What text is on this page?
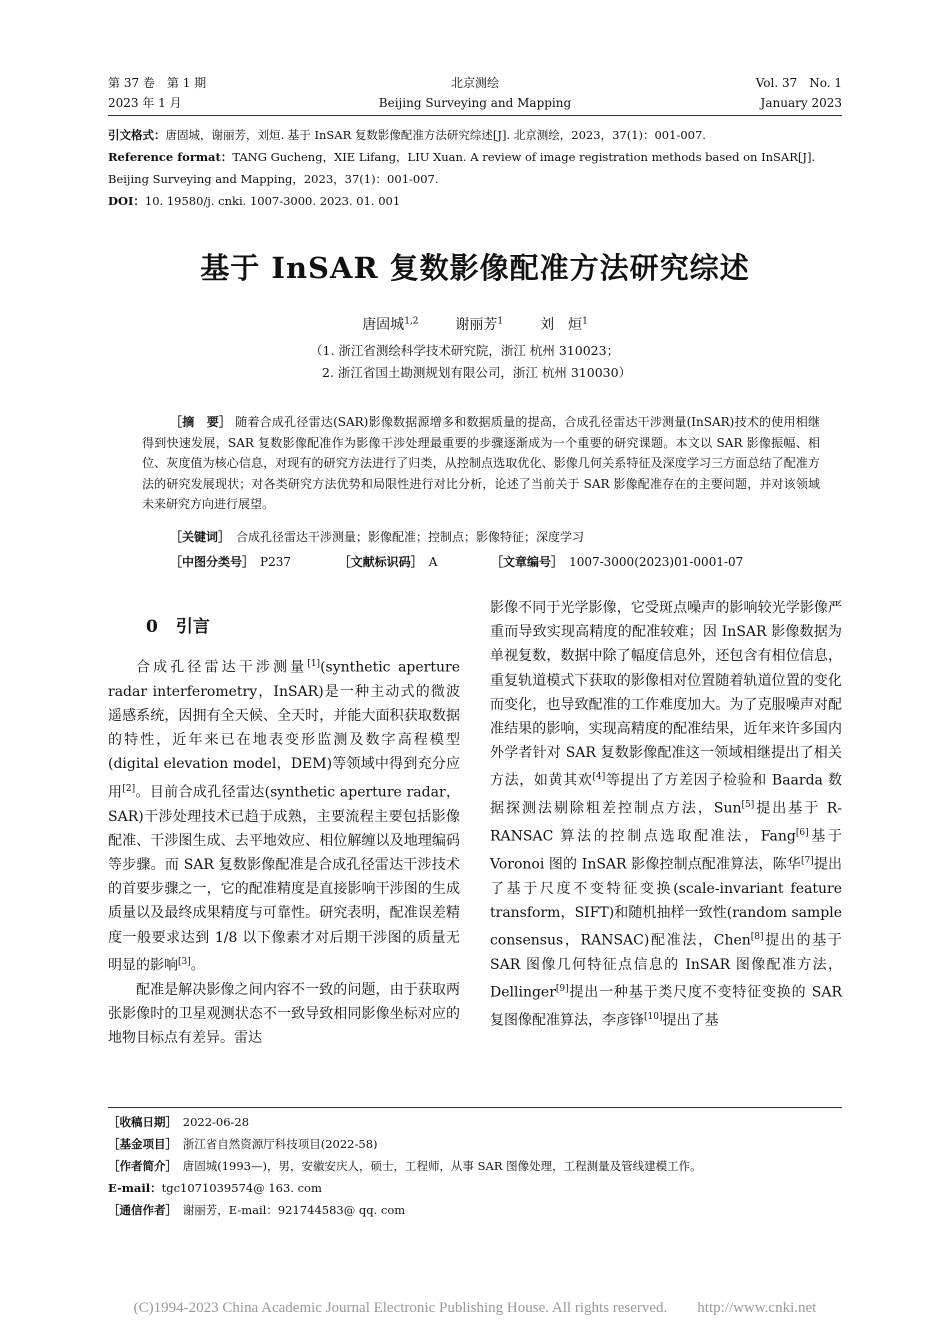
第 37 卷　第 1 期
2023 年 1 月
北京测绘
Beijing Surveying and Mapping
Vol. 37　No. 1
January 2023
引文格式：唐固城，谢丽芳，刘烜. 基于 InSAR 复数影像配准方法研究综述[J]. 北京测绘，2023，37(1)：001-007.
Reference format：TANG Gucheng，XIE Lifang，LIU Xuan. A review of image registration methods based on InSAR[J].
Beijing Surveying and Mapping，2023，37(1)：001-007.
DOI：10. 19580/j. cnki. 1007-3000. 2023. 01. 001
基于 InSAR 复数影像配准方法研究综述
唐固城$^{1,2}$	谢丽芳$^1$	刘　烜$^1$
（1. 浙江省测绘科学技术研究院，浙江 杭州 310023；
2. 浙江省国土勘测规划有限公司，浙江 杭州 310030）
［摘　要］ 随着合成孔径雷达(SAR)影像数据源增多和数据质量的提高，合成孔径雷达干涉测量(InSAR)技术的使用相继得到快速发展，SAR 复数影像配准作为影像干涉处理最重要的步骤逐渐成为一个重要的研究课题。本文以 SAR 影像振幅、相位、灰度值为核心信息，对现有的研究方法进行了归类，从控制点选取优化、影像几何关系特征及深度学习三方面总结了配准方法的研究发展现状；对各类研究方法优势和局限性进行对比分析，论述了当前关于 SAR 影像配准存在的主要问题，并对该领域未来研究方向进行展望。
［关键词］　 合成孔径雷达干涉测量；影像配准；控制点；影像特征；深度学习
［中图分类号］　 P237	［文献标识码］　 A	［文章编号］　 1007-3000(2023)01-0001-07
0 引言

合成孔径雷达干涉测量[1](synthetic aperture radar interferometry，InSAR)是一种主动式的微波遥感系统，因拥有全天候、全天时，并能大面积获取数据的特性，近年来已在地表变形监测及数字高程模型(digital elevation model，DEM)等领域中得到充分应用[2]。目前合成孔径雷达(synthetic aperture radar，SAR)干涉处理技术已趋于成熟，主要流程主要包括影像配准、干涉图生成、去平地效应、相位解缠以及地理编码等步骤。而 SAR 复数影像配准是合成孔径雷达干涉技术的首要步骤之一，它的配准精度是直接影响干涉图的生成质量以及最终成果精度与可靠性。研究表明，配准误差精度一般要求达到 1/8 以下像素才对后期干涉图的质量无明显的影响[3]。

配准是解决影像之间内容不一致的问题，由于获取两张影像时的卫星观测状态不一致导致相同影像坐标对应的地物目标点有差异。雷达

影像不同于光学影像，它受斑点噪声的影响较光学影像严重而导致实现高精度的配准较难；因 InSAR 影像数据为单视复数，数据中除了幅度信息外，还包含有相位信息，重复轨道模式下获取的影像相对位置随着轨道位置的变化而变化，也导致配准的工作难度加大。为了克服噪声对配准结果的影响，实现高精度的配准结果，近年来许多国内外学者针对 SAR 复数影像配准这一领域相继提出了相关方法，如黄其欢[4]等提出了方差因子检验和 Baarda 数据探测法剔除粗差控制点方法，Sun[5]提出基于 R-RANSAC 算法的控制点选取配准法，Fang[6]基于 Voronoi 图的 InSAR 影像控制点配准算法，陈华[7]提出了基于尺度不变特征变换(scale-invariant feature transform，SIFT)和随机抽样一致性(random sample consensus，RANSAC)配准法，Chen[8]提出的基于 SAR 图像几何特征点信息的 InSAR 图像配准方法，Dellinger[9]提出一种基于类尺度不变特征变换的 SAR 复图像配准算法，李彦锋[10]提出了基

［收稿日期］　 2022-06-28
［基金项目］　 浙江省自然资源厅科技项目(2022-58)
［作者简介］　 唐固城(1993—)，男，安徽安庆人，硕士，工程师，从事 SAR 图像处理，工程测量及管线建模工作。
E-mail：tgc1071039574@ 163. com
［通信作者］　 谢丽芳，E-mail：921744583@ qq. com
(C)1994-2023 China Academic Journal Electronic Publishing House. All rights reserved.　　http://www.cnki.net
